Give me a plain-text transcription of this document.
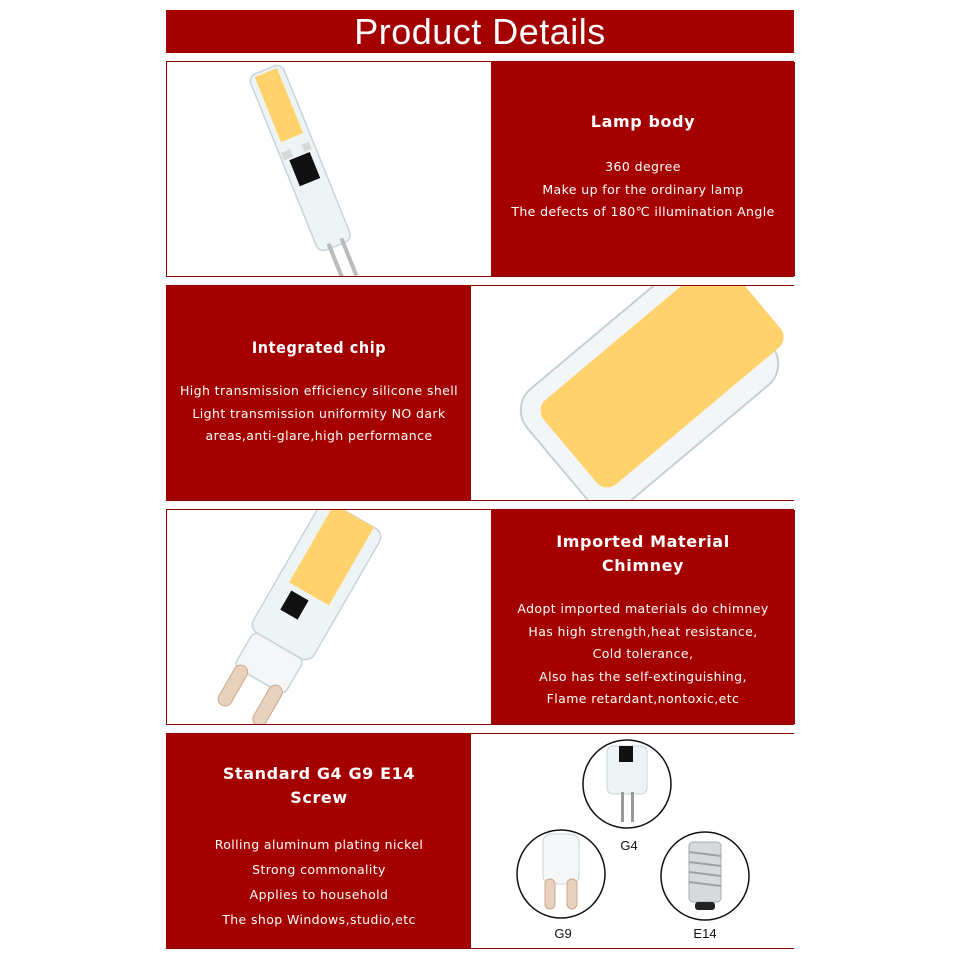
Product Details
Lamp body
360 degree
Make up for the ordinary lamp
The defects of 180℃ illumination Angle
Integrated chip
High transmission efficiency silicone shell
Light transmission uniformity NO dark
areas,anti-glare,high performance
Imported Material
Chimney
Adopt imported materials do chimney
Has high strength,heat resistance,
Cold tolerance,
Also has the self-extinguishing,
Flame retardant,nontoxic,etc
Standard G4 G9 E14
Screw
Rolling aluminum plating nickel
Strong commonality
Applies to household
The shop Windows,studio,etc
G4
G9	E14
